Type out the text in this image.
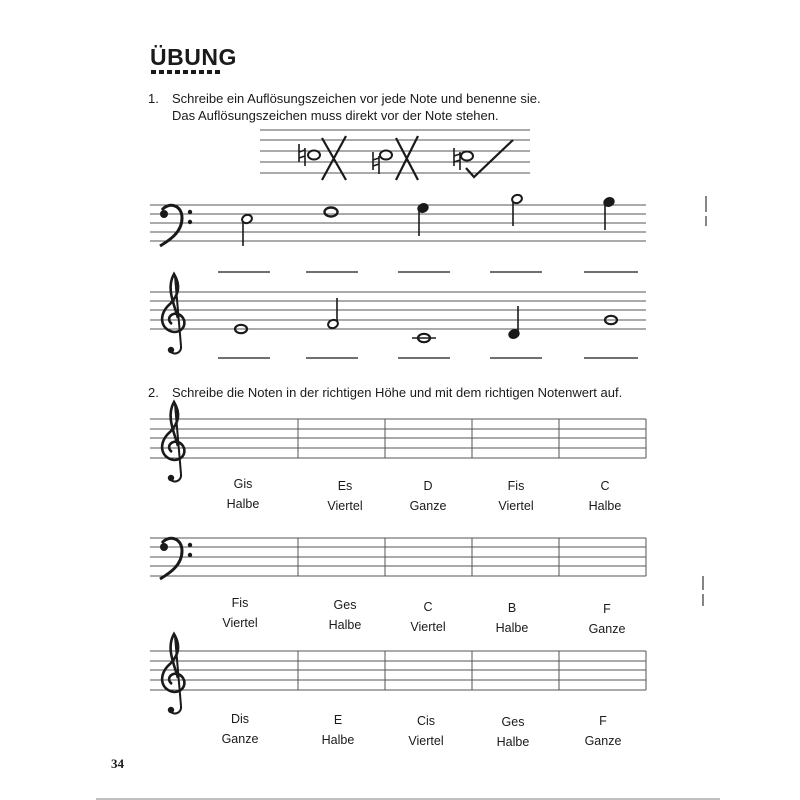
ÜBUNG
1. Schreibe ein Auflösungszeichen vor jede Note und benenne sie.
Das Auflösungszeichen muss direkt vor der Note stehen.
2. Schreibe die Noten in der richtigen Höhe und mit dem richtigen Notenwert auf.
Gis
Halbe
Es
Viertel
D
Ganze
Fis
Viertel
C
Halbe
Fis
Viertel
Ges
Halbe
C
Viertel
B
Halbe
F
Ganze
Dis
Ganze
E
Halbe
Cis
Viertel
Ges
Halbe
F
Ganze
34
